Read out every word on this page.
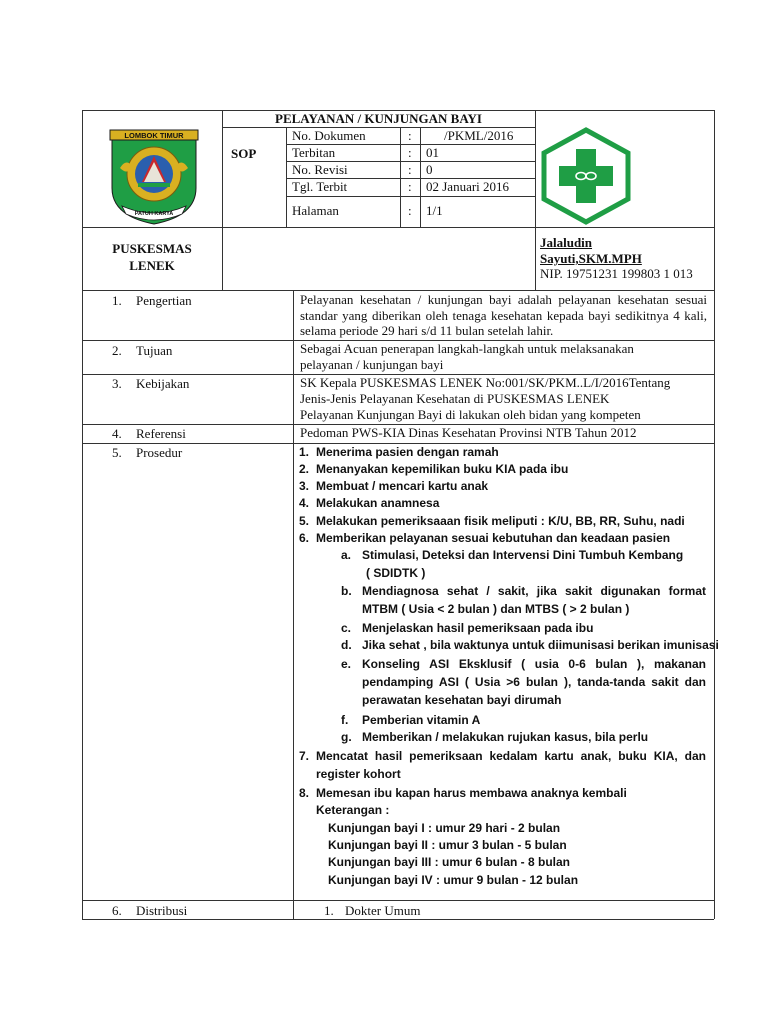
LOMBOK TIMUR
PATUH KARYA
PELAYANAN / KUNJUNGAN BAYI
SOP
No. Dokumen	: /PKML/2016
Terbitan	: 01
No. Revisi	: 0
Tgl. Terbit	: 02 Januari 2016
Halaman	: 1/1
PUSKESMAS
LENEK
Jalaludin
Sayuti,SKM.MPH
NIP. 19751231 199803 1 013
1. Pengertian	Pelayanan kesehatan / kunjungan bayi adalah pelayanan kesehatan sesuai standar yang diberikan oleh tenaga kesehatan kepada bayi sedikitnya 4 kali, selama periode 29 hari s/d 11 bulan setelah lahir.
2. Tujuan	Sebagai Acuan penerapan langkah-langkah untuk melaksanakan
pelayanan / kunjungan bayi
3. Kebijakan	SK Kepala PUSKESMAS LENEK No:001/SK/PKM..L/I/2016Tentang
Jenis-Jenis Pelayanan Kesehatan di PUSKESMAS LENEK
Pelayanan Kunjungan Bayi di lakukan oleh bidan yang kompeten
4. Referensi	Pedoman PWS-KIA Dinas Kesehatan Provinsi NTB Tahun 2012
5. Prosedur	1. Menerima pasien dengan ramah
2. Menanyakan kepemilikan buku KIA pada ibu
3. Membuat / mencari kartu anak
4. Melakukan anamnesa
5. Melakukan pemeriksaaan fisik meliputi : K/U, BB, RR, Suhu, nadi
6. Memberikan pelayanan sesuai kebutuhan dan keadaan pasien
a. Stimulasi, Deteksi dan Intervensi Dini Tumbuh Kembang
( SDIDTK )
b. Mendiagnosa sehat / sakit, jika sakit digunakan format MTBM ( Usia < 2 bulan ) dan MTBS ( > 2 bulan )
c. Menjelaskan hasil pemeriksaan pada ibu
d. Jika sehat , bila waktunya untuk diimunisasi berikan imunisasi
e. Konseling ASI Eksklusif ( usia 0-6 bulan ), makanan pendamping ASI ( Usia >6 bulan ), tanda-tanda sakit dan perawatan kesehatan bayi dirumah
f. Pemberian vitamin A
g. Memberikan / melakukan rujukan kasus, bila perlu
7. Mencatat hasil pemeriksaan kedalam kartu anak, buku KIA, dan register kohort
8. Memesan ibu kapan harus membawa anaknya kembali
Keterangan :
Kunjungan bayi I : umur 29 hari - 2 bulan
Kunjungan bayi II : umur 3 bulan - 5 bulan
Kunjungan bayi III : umur 6 bulan - 8 bulan
Kunjungan bayi IV : umur 9 bulan - 12 bulan
6. Distribusi	1. Dokter Umum
